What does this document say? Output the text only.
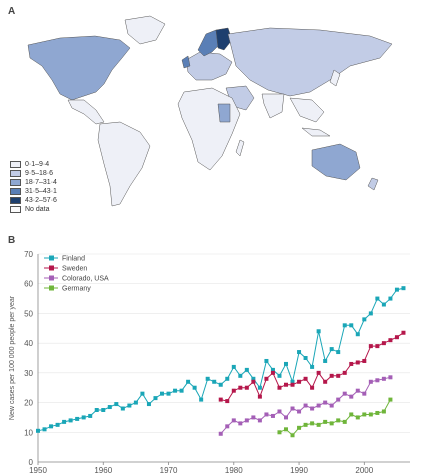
A
0·1–9·4
9·5–18·6
18·7–31·4
31·5–43·1
43·2–57·6
No data
B
0
10
20
30
40
50
60
70
1950	1960	1970	1980	1990	2000
New cases per 100 000 people per year
Finland
Sweden
Colorado, USA
Germany
